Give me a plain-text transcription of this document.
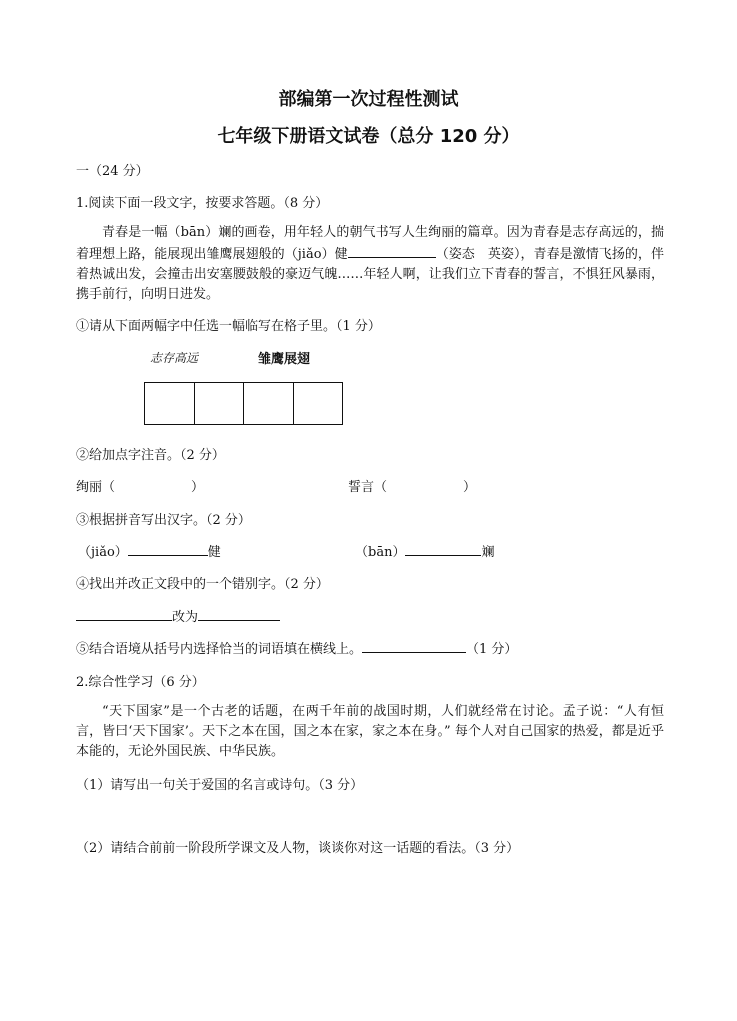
部编第一次过程性测试
七年级下册语文试卷（总分 120 分）
一（24 分）
1.阅读下面一段文字，按要求答题。（8 分）
青春是一幅（bān）斓的画卷，用年轻人的朝气书写人生绚丽的篇章。因为青春是志存高远的，揣着理想上路，能展现出雏鹰展翅般的（jiǎo）健	（姿态　英姿），青春是激情飞扬的，伴着热诚出发，会撞击出安塞腰鼓般的豪迈气魄……年轻人啊，让我们立下青春的誓言，不惧狂风暴雨，携手前行，向明日进发。
①请从下面两幅字中任选一幅临写在格子里。（1 分）
志存高远	雏鹰展翅
②给加点字注音。（2 分）
绚丽（	）	誓言（	）
③根据拼音写出汉字。（2 分）
（jiǎo）	健	（bān）	斓
④找出并改正文段中的一个错别字。（2 分）
改为
⑤结合语境从括号内选择恰当的词语填在横线上。	（1 分）
2.综合性学习（6 分）
“天下国家”是一个古老的话题，在两千年前的战国时期，人们就经常在讨论。孟子说：“人有恒言，皆曰‘天下国家’。天下之本在国，国之本在家，家之本在身。” 每个人对自己国家的热爱，都是近乎本能的，无论外国民族、中华民族。
（1）请写出一句关于爱国的名言或诗句。（3 分）
（2）请结合前前一阶段所学课文及人物，谈谈你对这一话题的看法。（3 分）
